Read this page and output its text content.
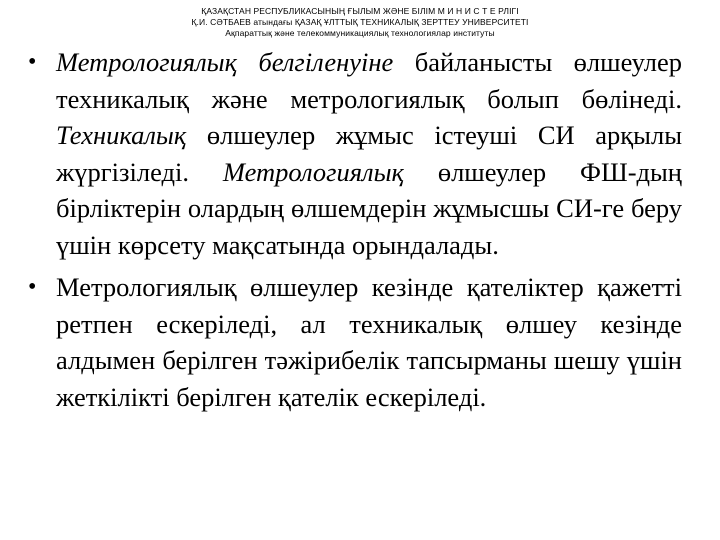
ҚАЗАҚСТАН РЕСПУБЛИКАСЫНЫҢ ҒЫЛЫМ ЖӘНЕ БІЛІМ М И Н И С Т Е РЛІГІ
Қ.И. СӘТБАЕВ атындағы ҚАЗАҚ ҰЛТТЫҚ ТЕХНИКАЛЫҚ ЗЕРТТЕУ УНИВЕРСИТЕТІ
Ақпараттық және телекоммуникациялық технологиялар институты
• Метрологиялық белгіленуіне байланысты өлшеулер техникалық және метрологиялық болып бөлінеді. Техникалық өлшеулер жұмыс істеуші СИ арқылы жүргізіледі. Метрологиялық өлшеулер ФШ-дың бірліктерін олардың өлшемдерін жұмысшы СИ-ге беру үшін көрсету мақсатында орындалады.
• Метрологиялық өлшеулер кезінде қателіктер қажетті ретпен ескеріледі, ал техникалық өлшеу кезінде алдымен берілген тәжірибелік тапсырманы шешу үшін жеткілікті берілген қателік ескеріледі.
